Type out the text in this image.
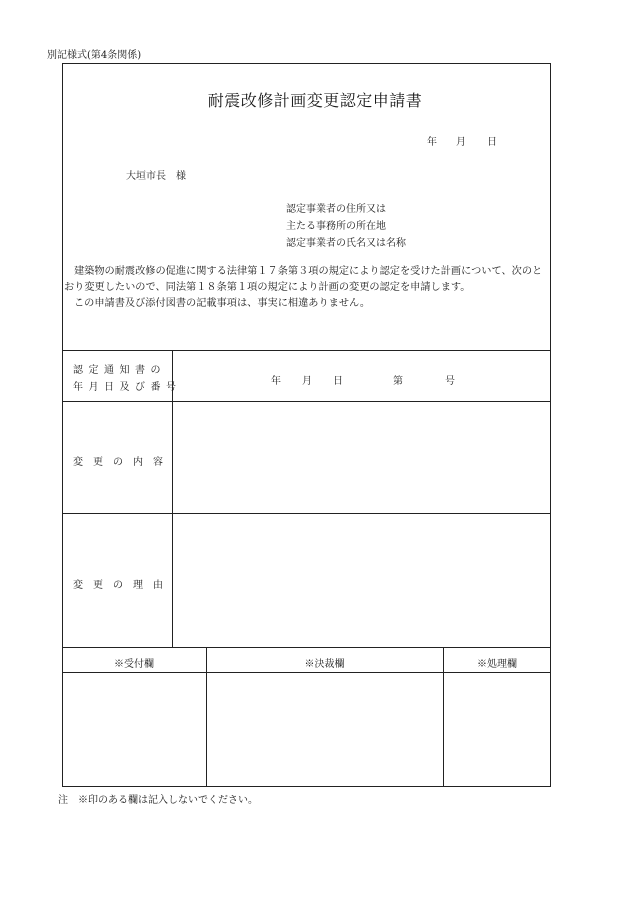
別記様式(第4条関係)
耐震改修計画変更認定申請書
年 月 日
大垣市長　様
認定事業者の住所又は
主たる事務所の所在地
認定事業者の氏名又は名称
建築物の耐震改修の促進に関する法律第１７条第３項の規定により認定を受けた計画について、次のとおり変更したいので、同法第１８条第１項の規定により計画の変更の認定を申請します。
この申請書及び添付図書の記載事項は、事実に相違ありません。
認定通知書の
年月日及び番号
年 月 日	第	号
変更の内容
変更の理由
※受付欄	※決裁欄	※処理欄
注　※印のある欄は記入しないでください。
